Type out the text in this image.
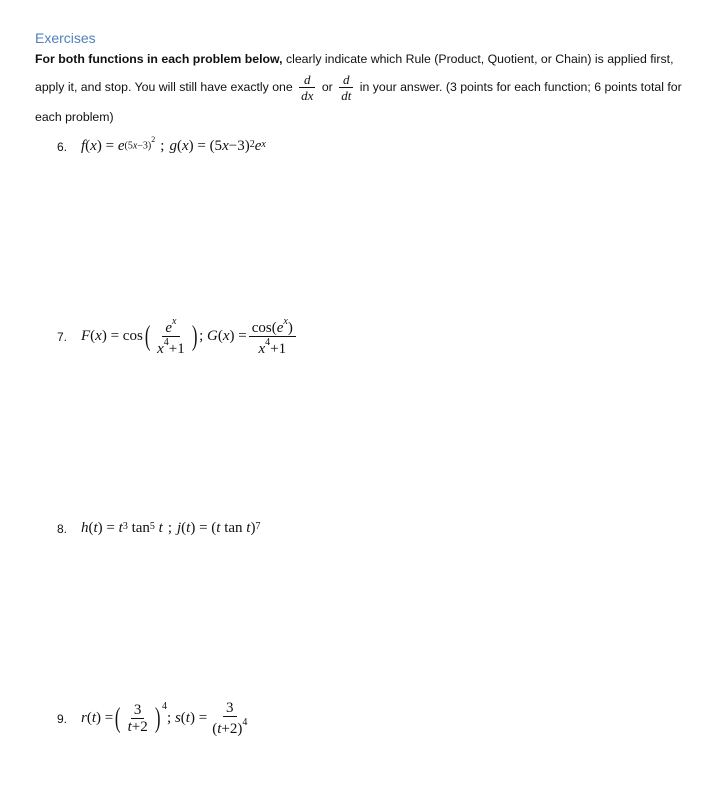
Exercises
For both functions in each problem below, clearly indicate which Rule (Product, Quotient, or Chain) is applied first,
apply it, and stop. You will still have exactly one $\frac{d}{dx}$ or $\frac{d}{dt}$ in your answer. (3 points for each function; 6 points total for
each problem)
6. f ( x ) = $e^{(5x-3)^2}$ ; g ( x ) = (5 x −3)$^2$ e $^x$
7. F ( x ) = cos ( $e^x$
$x^4+1$ ) ; G ( x ) = $\cos(e^x)$
$x^4+1$
8. h ( t ) = $t^3$ $\tan^5$
t ; j ( t ) = ( t tan t )$^7$
9. r ( t ) = ( 3
t+2 )$^4$
; s ( t ) =
3
$(t+2)^4$
